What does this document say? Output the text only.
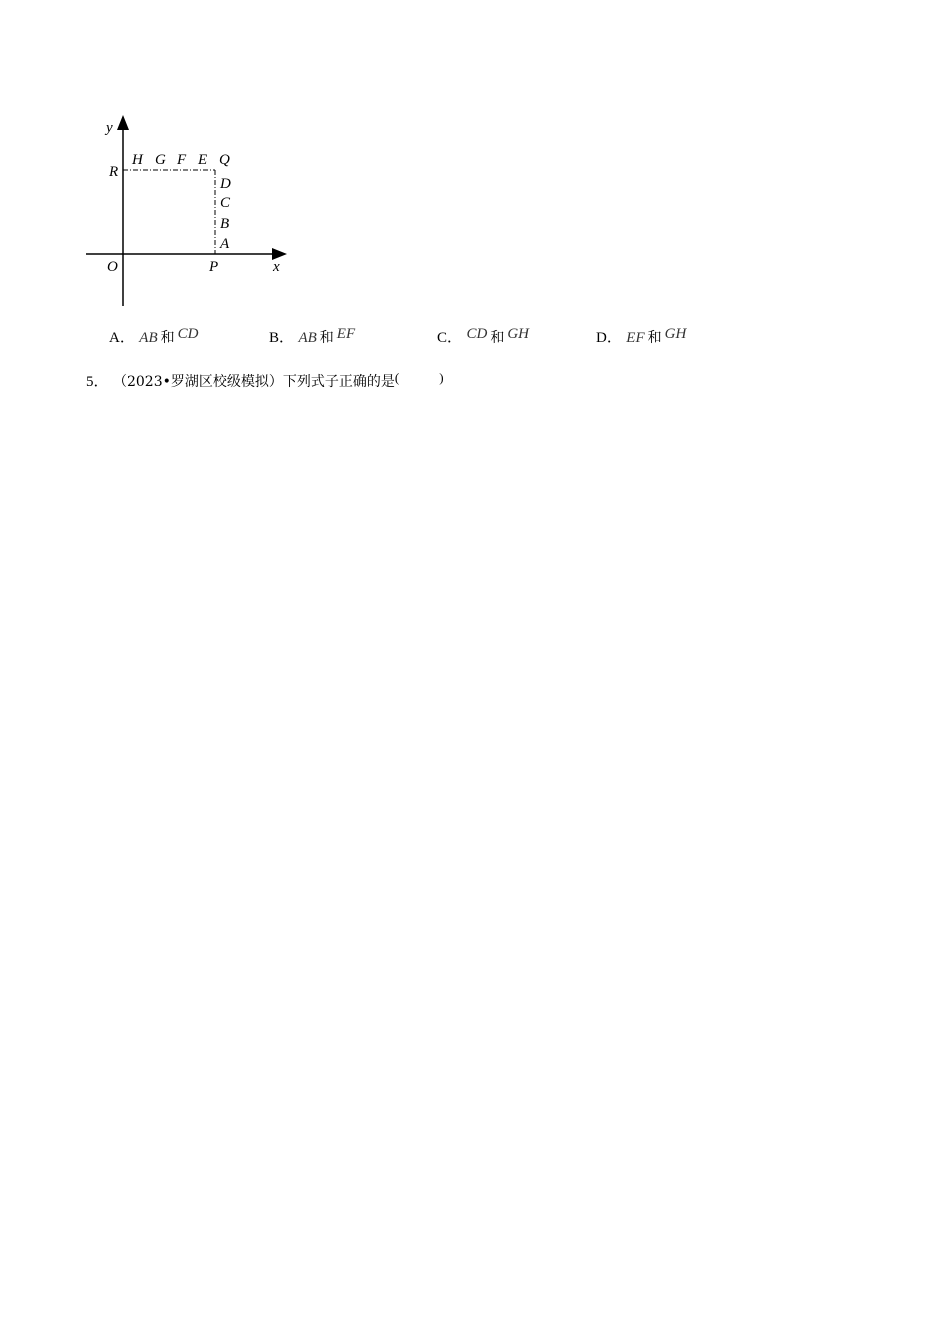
y
x
R
H G F E Q
D
C
B
A
O	P
A． AB 和 CD	B． AB 和 EF	C． CD 和 GH	D． EF 和 GH
5． （2023•罗湖区校级模拟）下列式子正确的是(	)
